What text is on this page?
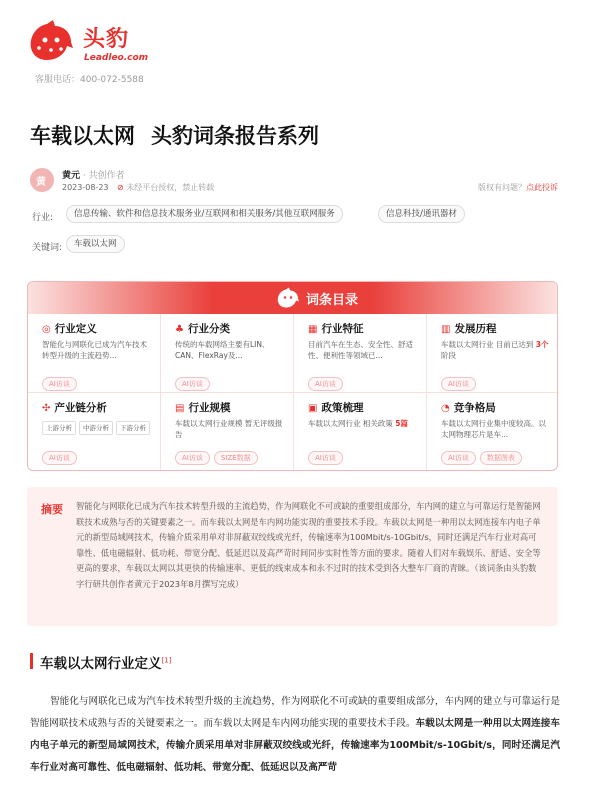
头豹
Leadleo.com
客服电话：400-072-5588
车载以太网 头豹词条报告系列
黄
黄元 · 共创作者
2023-08-23 ⊘ 未经平台授权，禁止转载	版权有问题？点此投诉
行业:	信息传输、软件和信息技术服务业/互联网和相关服务/其他互联网服务	信息科技/通讯器材
关键词:	车载以太网
词条目录
◎ 行业定义
智能化与网联化已成为汽车技术转型升级的主流趋势...
AI访谈
♣ 行业分类
传统的车载网络主要有LIN、CAN、FlexRay及...
AI访谈
▦ 行业特征
目前汽车在生态、安全性、舒适性、便利性等领域已...
AI访谈
▥ 发展历程
车载以太网行业 目前已达到 3个阶段
AI访谈
✣ 产业链分析
上游分析 中游分析 下游分析
AI访谈
▤ 行业规模
车载以太网行业规模 暂无评级报告
AI访谈	SIZE数据
▣ 政策梳理
车载以太网行业 相关政策 5篇
AI访谈
◔ 竞争格局
车载以太网行业集中度较高。以太网物理芯片是车...
AI访谈	数据图表
摘要 智能化与网联化已成为汽车技术转型升级的主流趋势，作为网联化不可或缺的重要组成部分，车内网的建立与可靠运行是智能网联技术成熟与否的关键要素之一。而车载以太网是车内网功能实现的重要技术手段。车载以太网是一种用以太网连接车内电子单元的新型局域网技术，传输介质采用单对非屏蔽双绞线或光纤，传输速率为100Mbit/s-10Gbit/s，同时还满足汽车行业对高可靠性、低电磁辐射、低功耗、带宽分配、低延迟以及高严苛时间同步实时性等方面的要求。随着人们对车载娱乐、舒适、安全等更高的要求，车载以太网以其更快的传输速率、更低的线束成本和永不过时的技术受到各大整车厂商的青睐。（该词条由头豹数字行研共创作者黄元于2023年8月撰写完成）
车载以太网行业定义[1]
智能化与网联化已成为汽车技术转型升级的主流趋势，作为网联化不可或缺的重要组成部分，车内网的建立与可靠运行是智能网联技术成熟与否的关键要素之一。而车载以太网是车内网功能实现的重要技术手段。车载以太网是一种用以太网连接车内电子单元的新型局域网技术，传输介质采用单对非屏蔽双绞线或光纤，传输速率为100Mbit/s-10Gbit/s，同时还满足汽车行业对高可靠性、低电磁辐射、低功耗、带宽分配、低延迟以及高严苛
